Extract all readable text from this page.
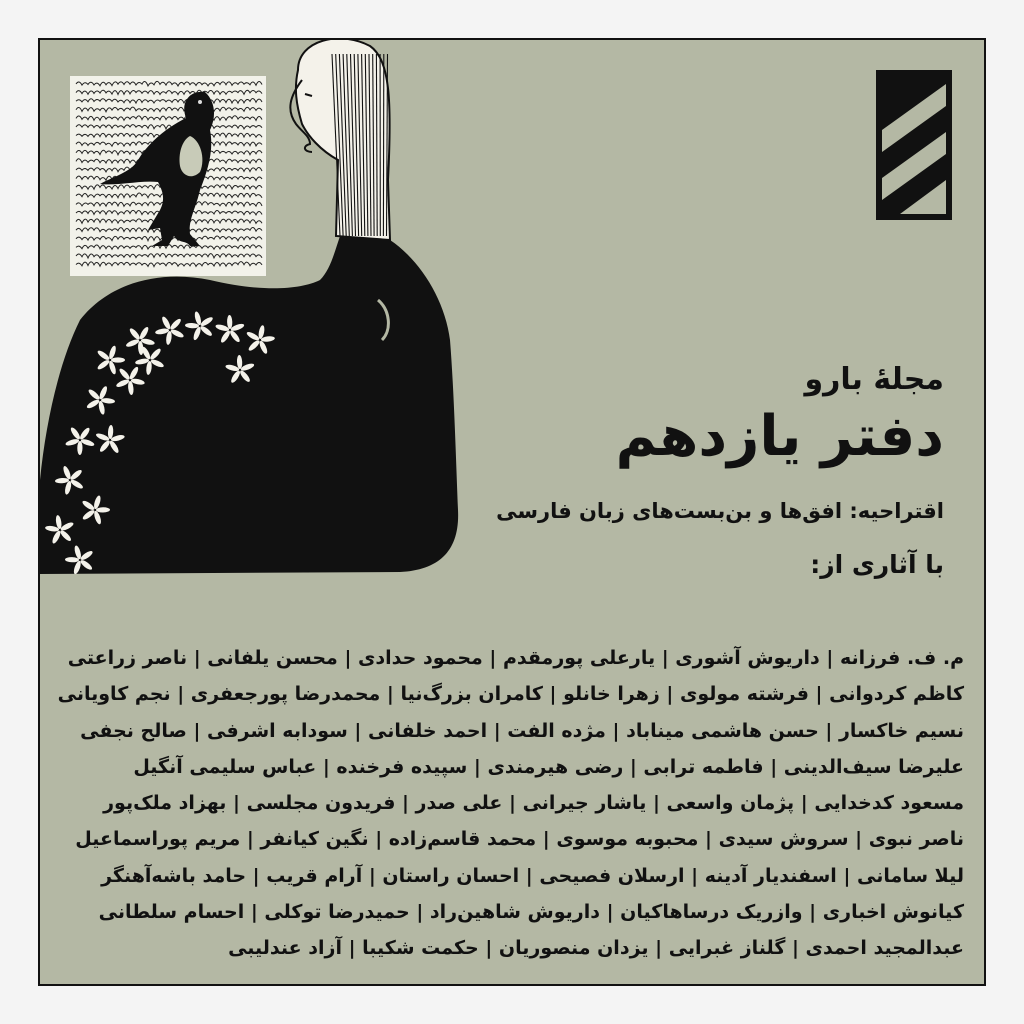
مجلهٔ بارو
دفتر یازدهم
اقتراحیه: افق‌ها و بن‌بست‌های زبان فارسی
با آثاری از:
م. ف. فرزانه | داریوش آشوری | یارعلی پورمقدم | محمود حدادی | محسن یلفانی | ناصر زراعتی
کاظم کردوانی | فرشته مولوی | زهرا خانلو | کامران بزرگ‌نیا | محمدرضا پورجعفری | نجم کاویانی
نسیم خاکسار | حسن هاشمی میناباد | مژده الفت | احمد خلفانی | سودابه اشرفی | صالح نجفی
علیرضا سیف‌الدینی | فاطمه ترابی | رضی هیرمندی | سپیده فرخنده | عباس سلیمی آنگیل
مسعود کدخدایی | پژمان واسعی | یاشار جیرانی | علی صدر | فریدون مجلسی | بهزاد ملک‌پور
ناصر نبوی | سروش سیدی | محبوبه موسوی | محمد قاسم‌زاده | نگین کیانفر | مریم پوراسماعیل
لیلا سامانی | اسفندیار آدینه | ارسلان فصیحی | احسان راستان | آرام قریب | حامد باشه‌آهنگر
کیانوش اخباری | وازریک درساهاکیان | داریوش شاهین‌راد | حمیدرضا توکلی | احسام سلطانی
عبدالمجید احمدی | گلناز غبرایی | یزدان منصوریان | حکمت شکیبا | آزاد عندلیبی
